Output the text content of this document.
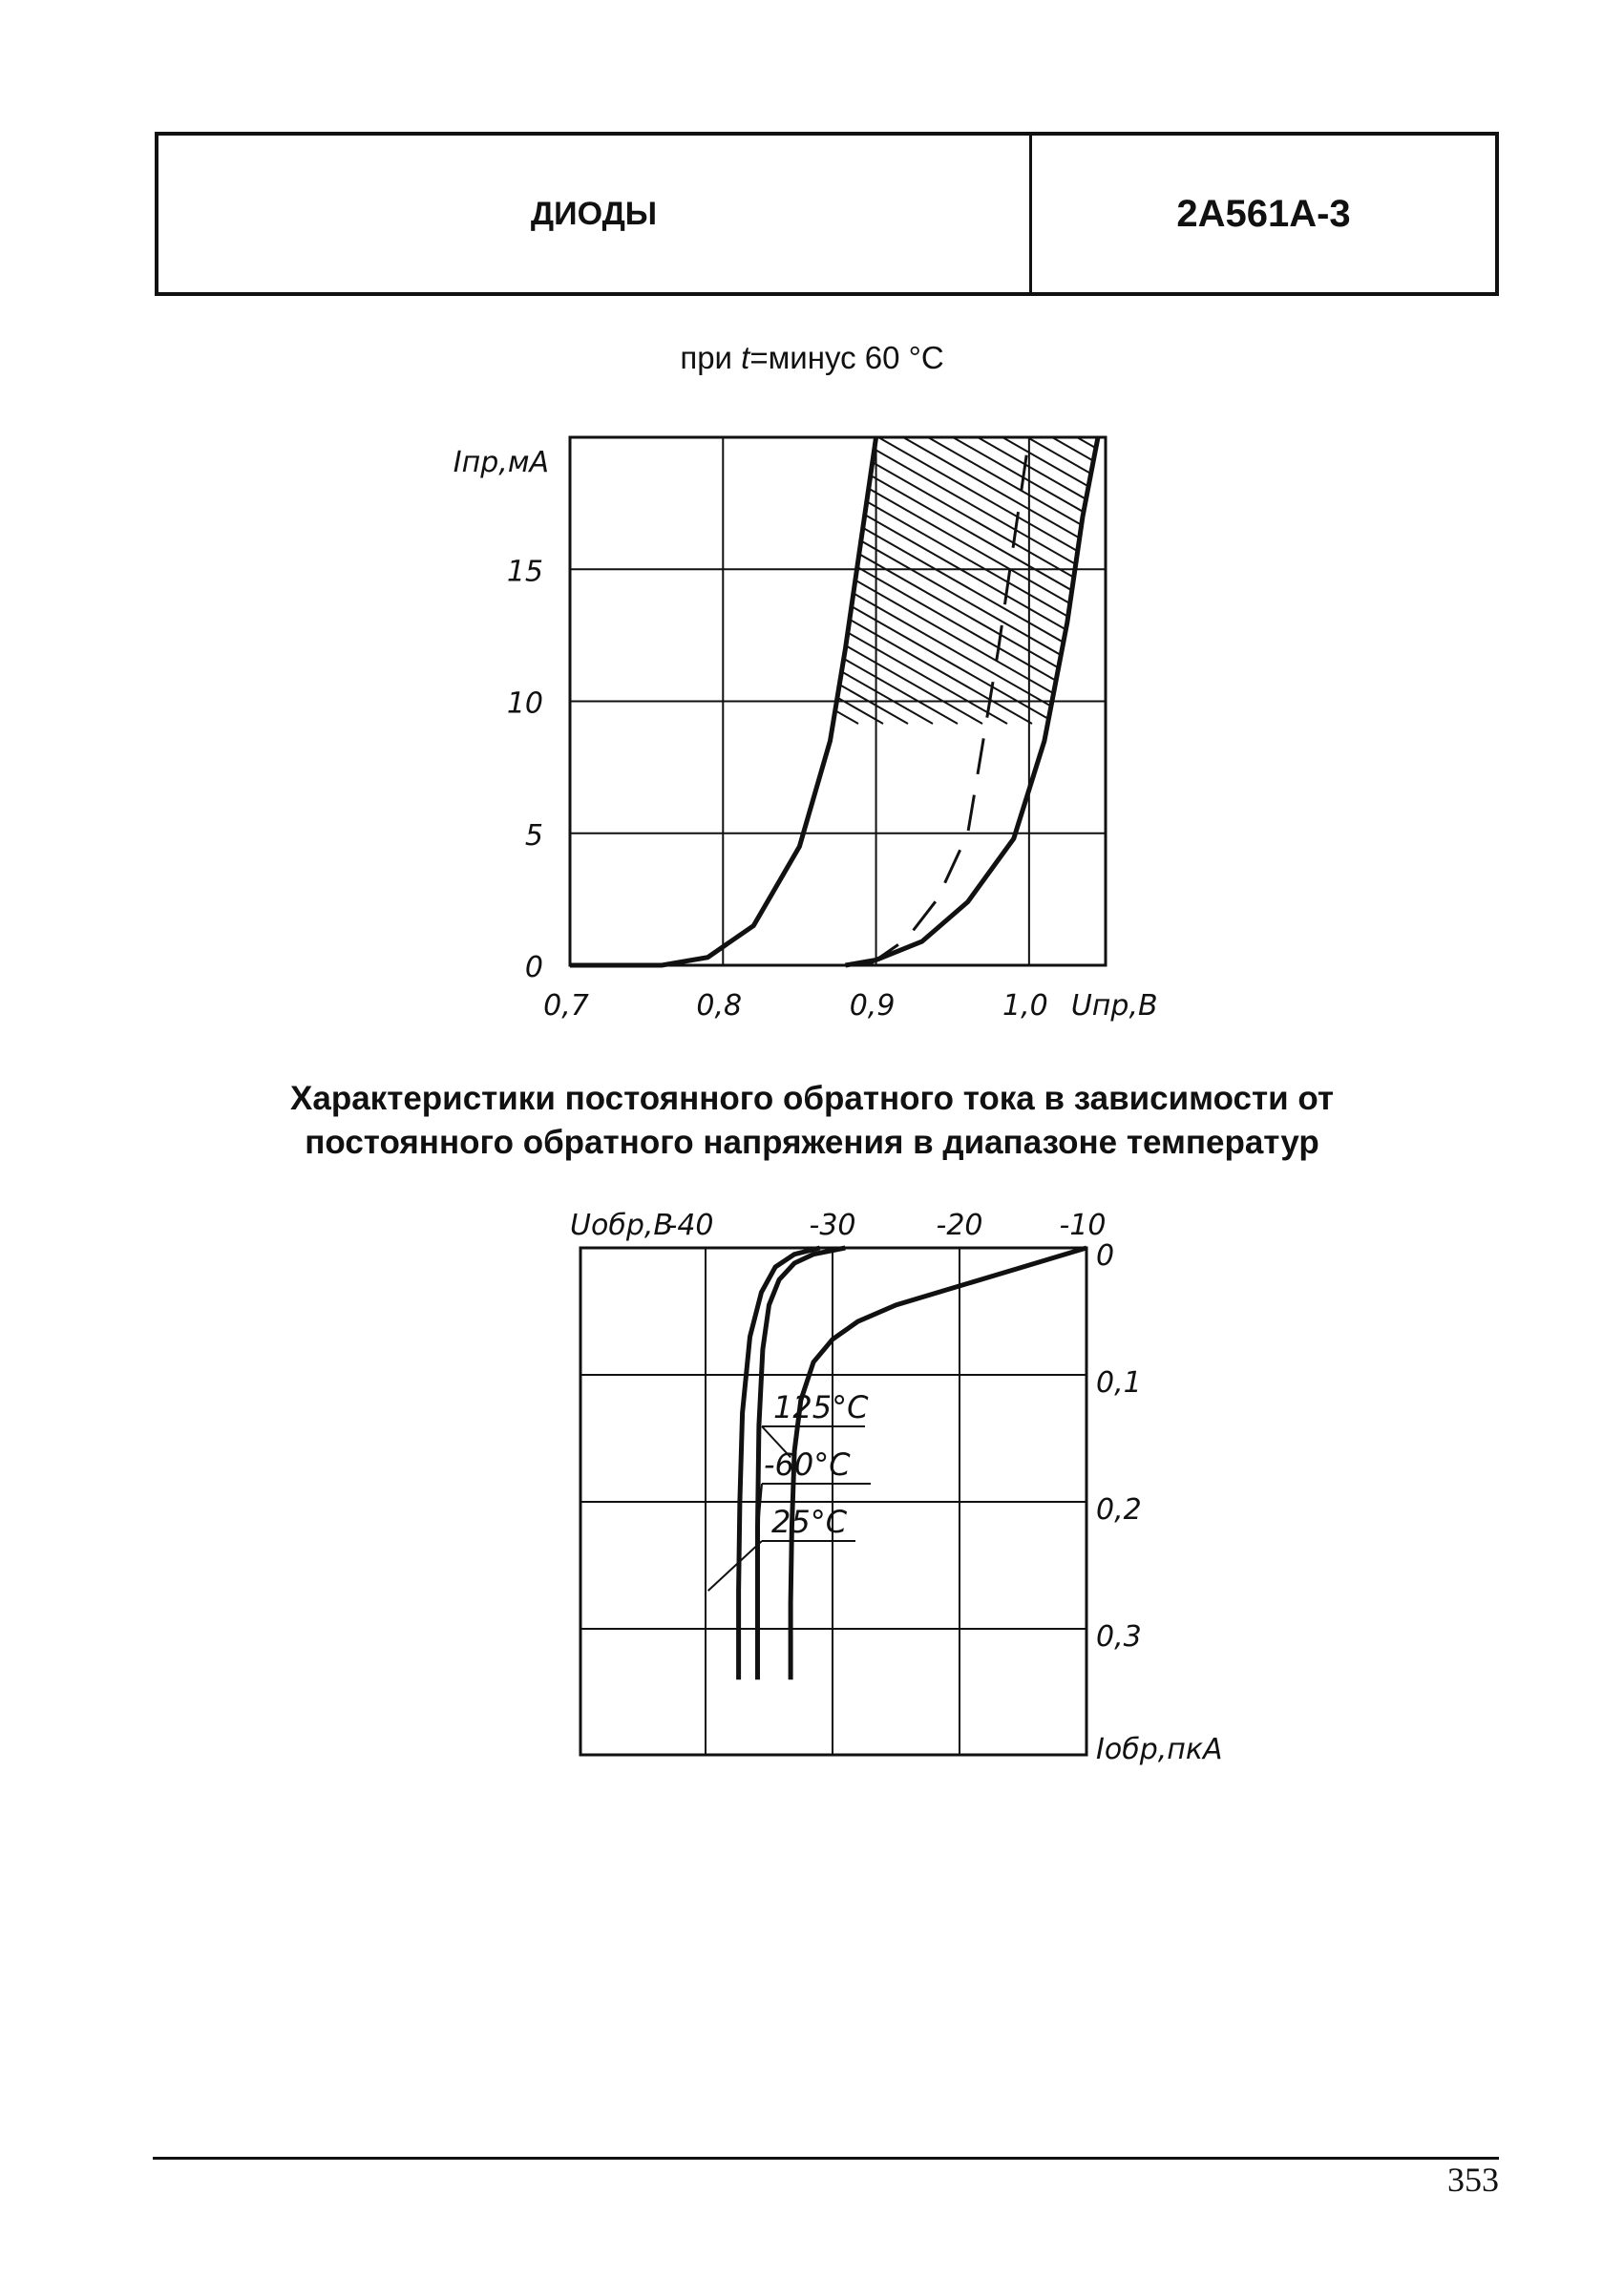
ДИОДЫ	2А561А-3
при t=минус 60 °С
Характеристики постоянного обратного тока в зависимости от
постоянного обратного напряжения в диапазоне температур
0,7	0,8	0,9	1,0
0
5
10
15
Iпр,мА
Uпр,В
-40	-30	-20	-10
0
0,1
0,2
0,3
Uобр,В
Iобр,пкА
125°С
-60°С
25°С
353
